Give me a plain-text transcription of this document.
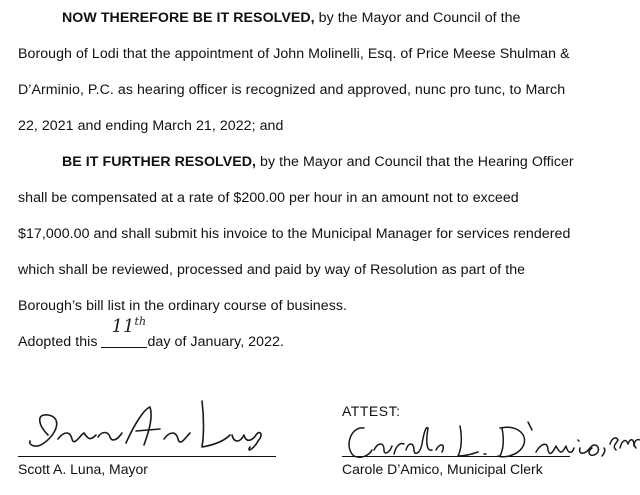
NOW THEREFORE BE IT RESOLVED, by the Mayor and Council of the
Borough of Lodi that the appointment of John Molinelli, Esq. of Price Meese Shulman &
D’Arminio, P.C. as hearing officer is recognized and approved, nunc pro tunc, to March
22, 2021 and ending March 21, 2022; and
BE IT FURTHER RESOLVED, by the Mayor and Council that the Hearing Officer
shall be compensated at a rate of $200.00 per hour in an amount not to exceed
$17,000.00 and shall submit his invoice to the Municipal Manager for services rendered
which shall be reviewed, processed and paid by way of Resolution as part of the
Borough’s bill list in the ordinary course of business.
Adopted this
11th
day of January, 2022.
Scott A. Luna, Mayor
ATTEST:
Carole D’Amico, Municipal Clerk
